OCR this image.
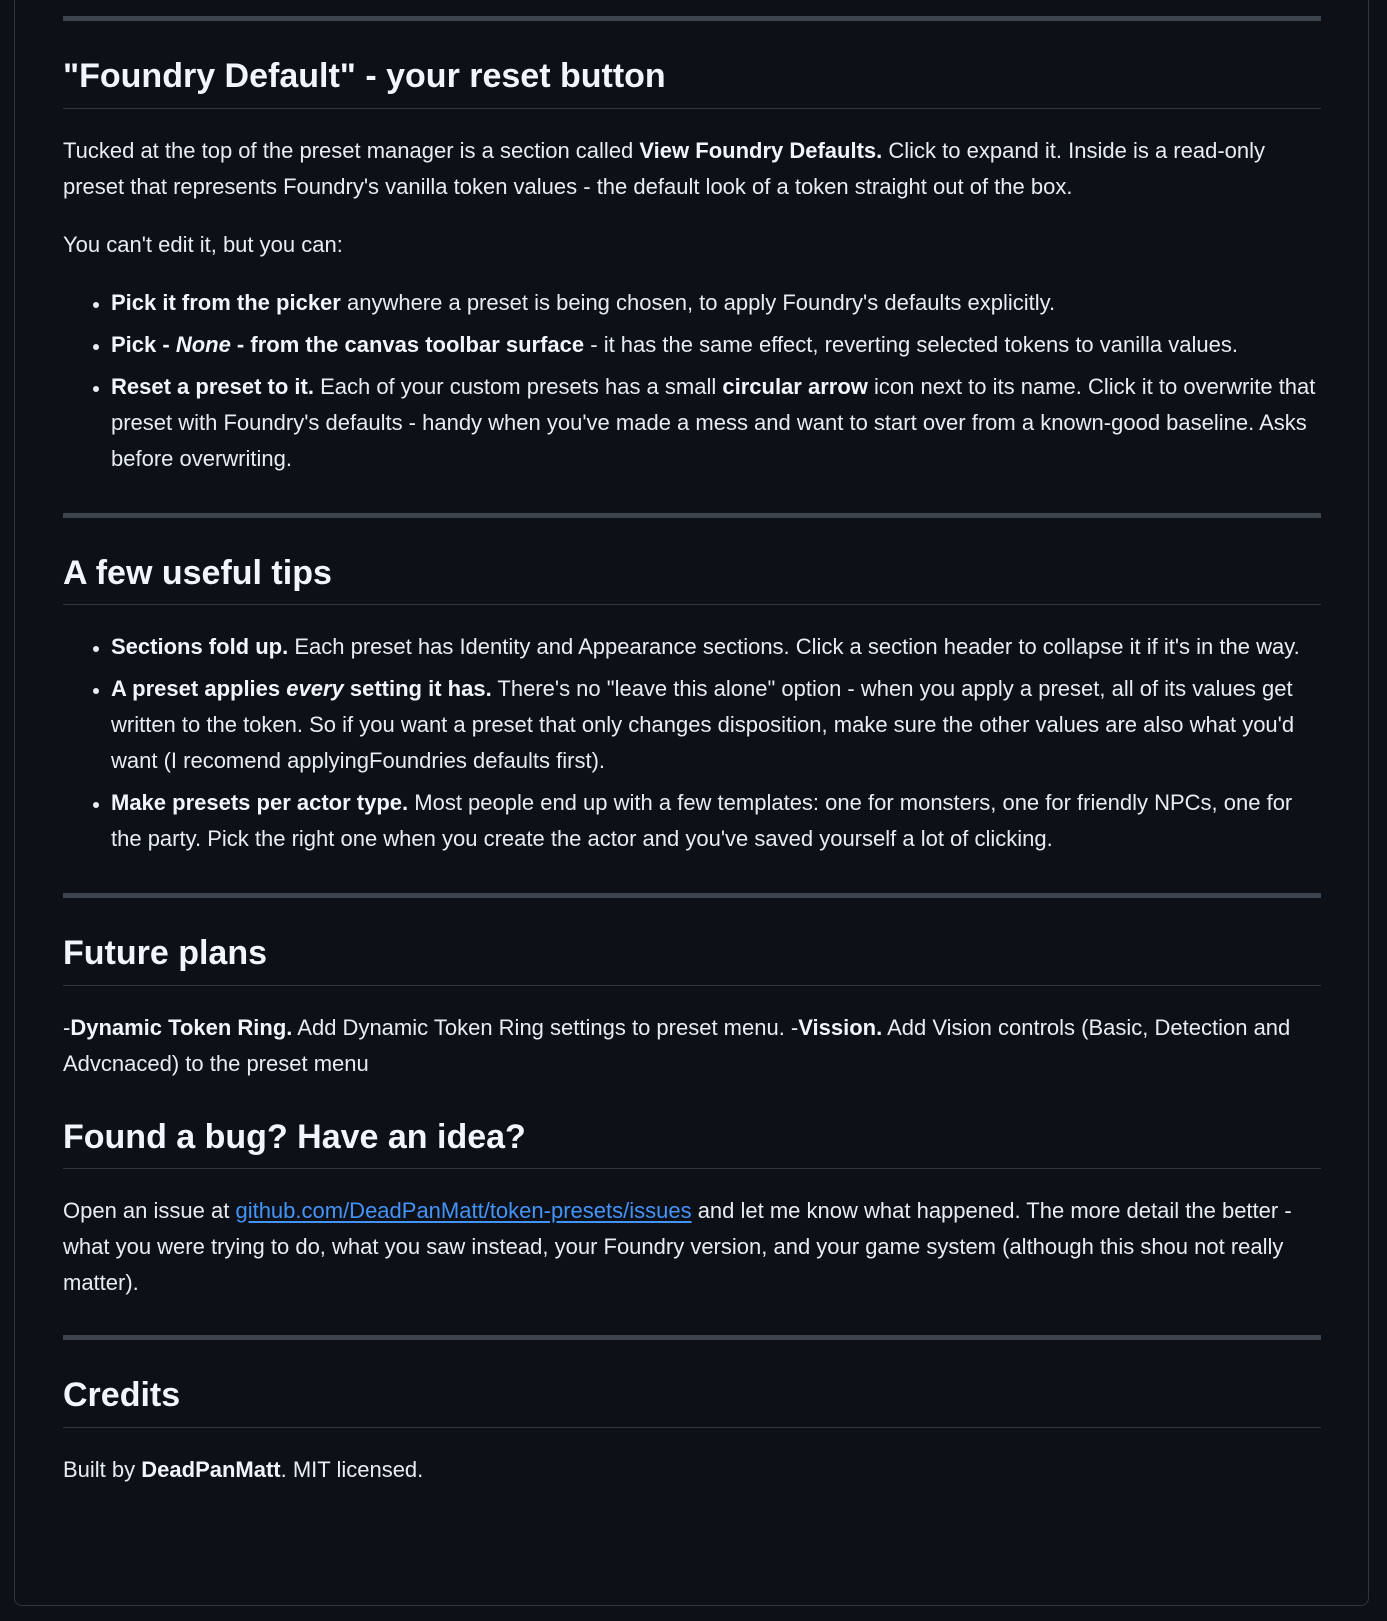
"Foundry Default" - your reset button

Tucked at the top of the preset manager is a section called View Foundry Defaults. Click to expand it. Inside is a read-only preset that represents Foundry's vanilla token values - the default look of a token straight out of the box.

You can't edit it, but you can:

• Pick it from the picker anywhere a preset is being chosen, to apply Foundry's defaults explicitly.
• Pick - None - from the canvas toolbar surface - it has the same effect, reverting selected tokens to vanilla values.
• Reset a preset to it. Each of your custom presets has a small circular arrow icon next to its name. Click it to overwrite that preset with Foundry's defaults - handy when you've made a mess and want to start over from a known-good baseline. Asks before overwriting.
A few useful tips
• Sections fold up. Each preset has Identity and Appearance sections. Click a section header to collapse it if it's in the way.
• A preset applies every setting it has. There's no "leave this alone" option - when you apply a preset, all of its values get written to the token. So if you want a preset that only changes disposition, make sure the other values are also what you'd want (I recomend applyingFoundries defaults first).
• Make presets per actor type. Most people end up with a few templates: one for monsters, one for friendly NPCs, one for the party. Pick the right one when you create the actor and you've saved yourself a lot of clicking.
Future plans

-Dynamic Token Ring. Add Dynamic Token Ring settings to preset menu. -Vission. Add Vision controls (Basic, Detection and Advcnaced) to the preset menu

Found a bug? Have an idea?

Open an issue at github.com/DeadPanMatt/token-presets/issues and let me know what happened. The more detail the better - what you were trying to do, what you saw instead, your Foundry version, and your game system (although this shou not really matter).

Credits

Built by DeadPanMatt. MIT licensed.
